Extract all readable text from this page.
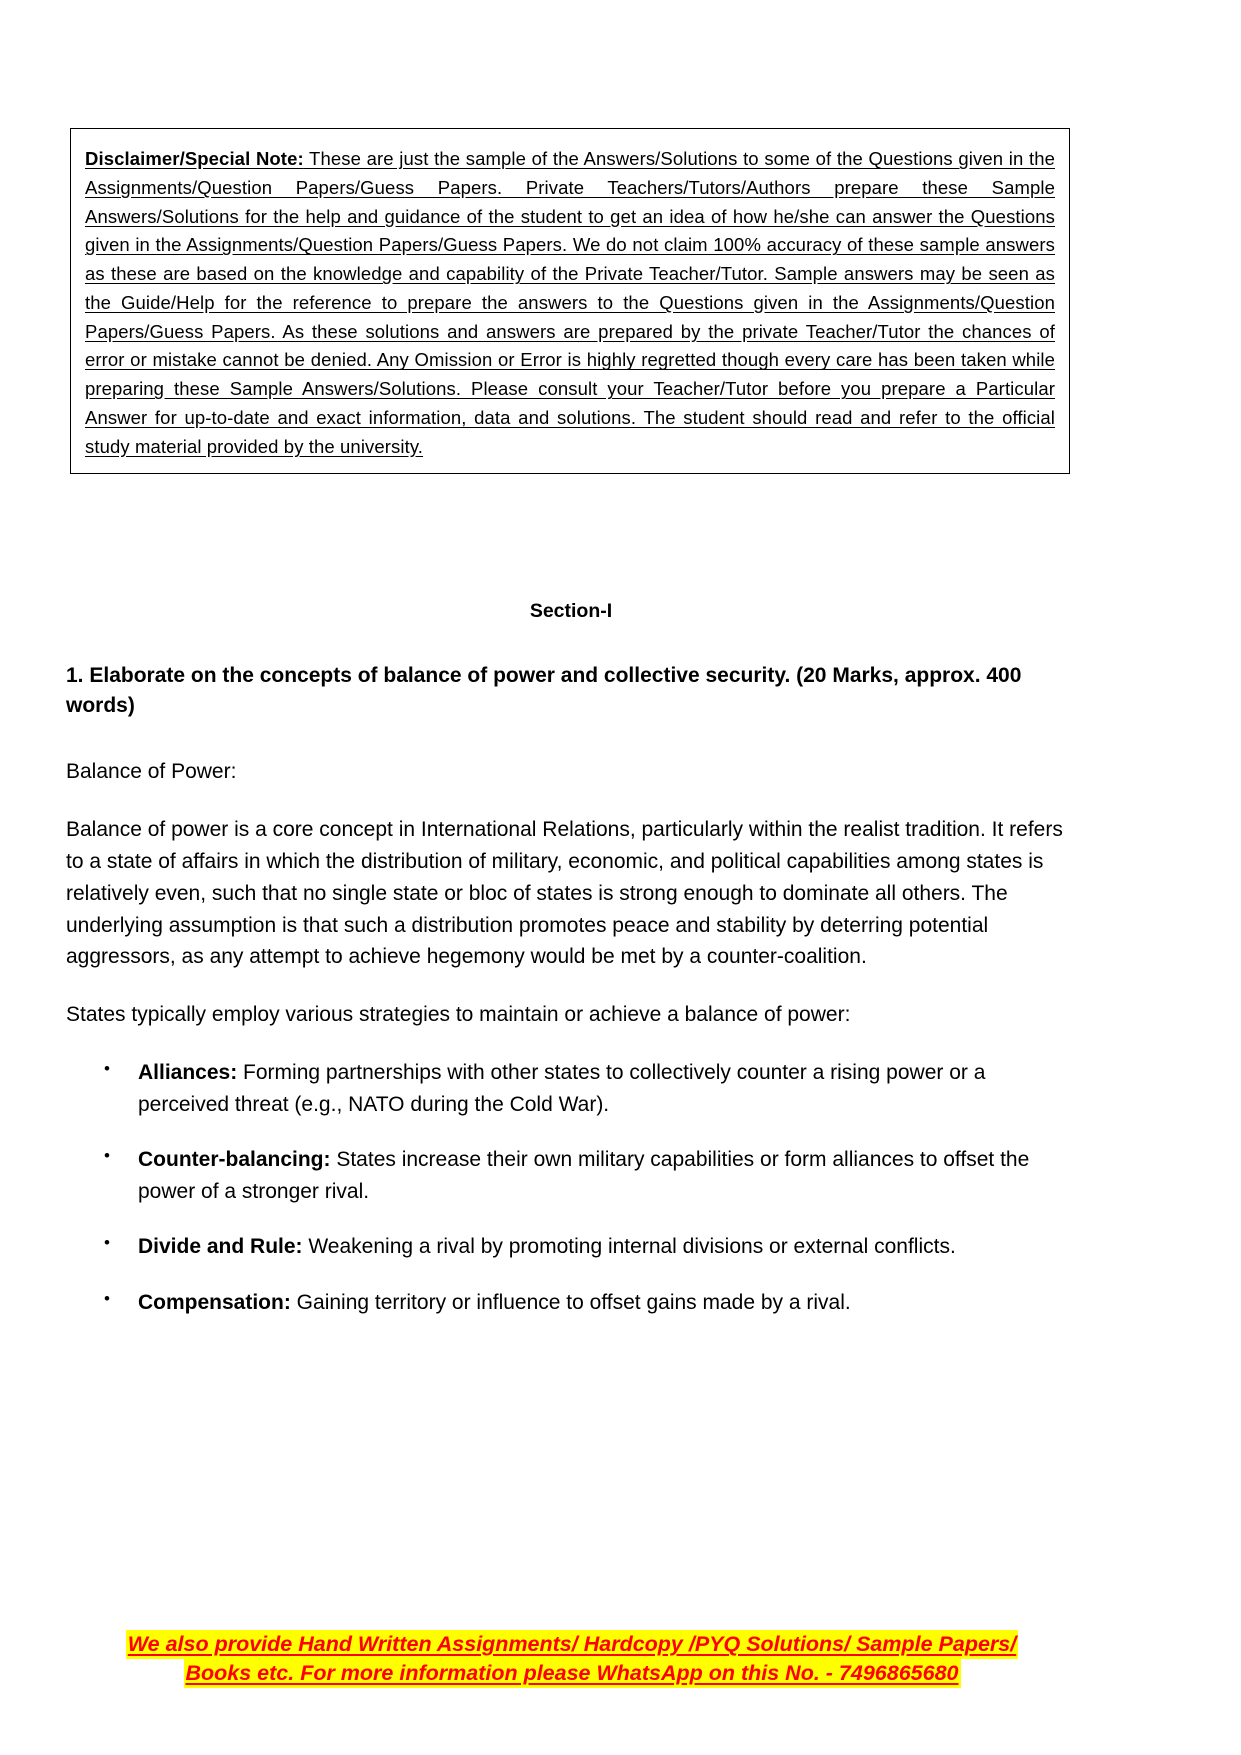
Disclaimer/Special Note: These are just the sample of the Answers/Solutions to some of the Questions given in the Assignments/Question Papers/Guess Papers. Private Teachers/Tutors/Authors prepare these Sample Answers/Solutions for the help and guidance of the student to get an idea of how he/she can answer the Questions given in the Assignments/Question Papers/Guess Papers. We do not claim 100% accuracy of these sample answers as these are based on the knowledge and capability of the Private Teacher/Tutor. Sample answers may be seen as the Guide/Help for the reference to prepare the answers to the Questions given in the Assignments/Question Papers/Guess Papers. As these solutions and answers are prepared by the private Teacher/Tutor the chances of error or mistake cannot be denied. Any Omission or Error is highly regretted though every care has been taken while preparing these Sample Answers/Solutions. Please consult your Teacher/Tutor before you prepare a Particular Answer for up-to-date and exact information, data and solutions. The student should read and refer to the official study material provided by the university.

Section-I
1. Elaborate on the concepts of balance of power and collective security. (20 Marks, approx. 400 words)

Balance of Power:

Balance of power is a core concept in International Relations, particularly within the realist tradition. It refers to a state of affairs in which the distribution of military, economic, and political capabilities among states is relatively even, such that no single state or bloc of states is strong enough to dominate all others. The underlying assumption is that such a distribution promotes peace and stability by deterring potential aggressors, as any attempt to achieve hegemony would be met by a counter-coalition.

States typically employ various strategies to maintain or achieve a balance of power:

• Alliances: Forming partnerships with other states to collectively counter a rising power or a perceived threat (e.g., NATO during the Cold War).
• Counter-balancing: States increase their own military capabilities or form alliances to offset the power of a stronger rival.
• Divide and Rule: Weakening a rival by promoting internal divisions or external conflicts.
• Compensation: Gaining territory or influence to offset gains made by a rival.
We also provide Hand Written Assignments/ Hardcopy /PYQ Solutions/ Sample Papers/
Books etc. For more information please WhatsApp on this No. - 7496865680
